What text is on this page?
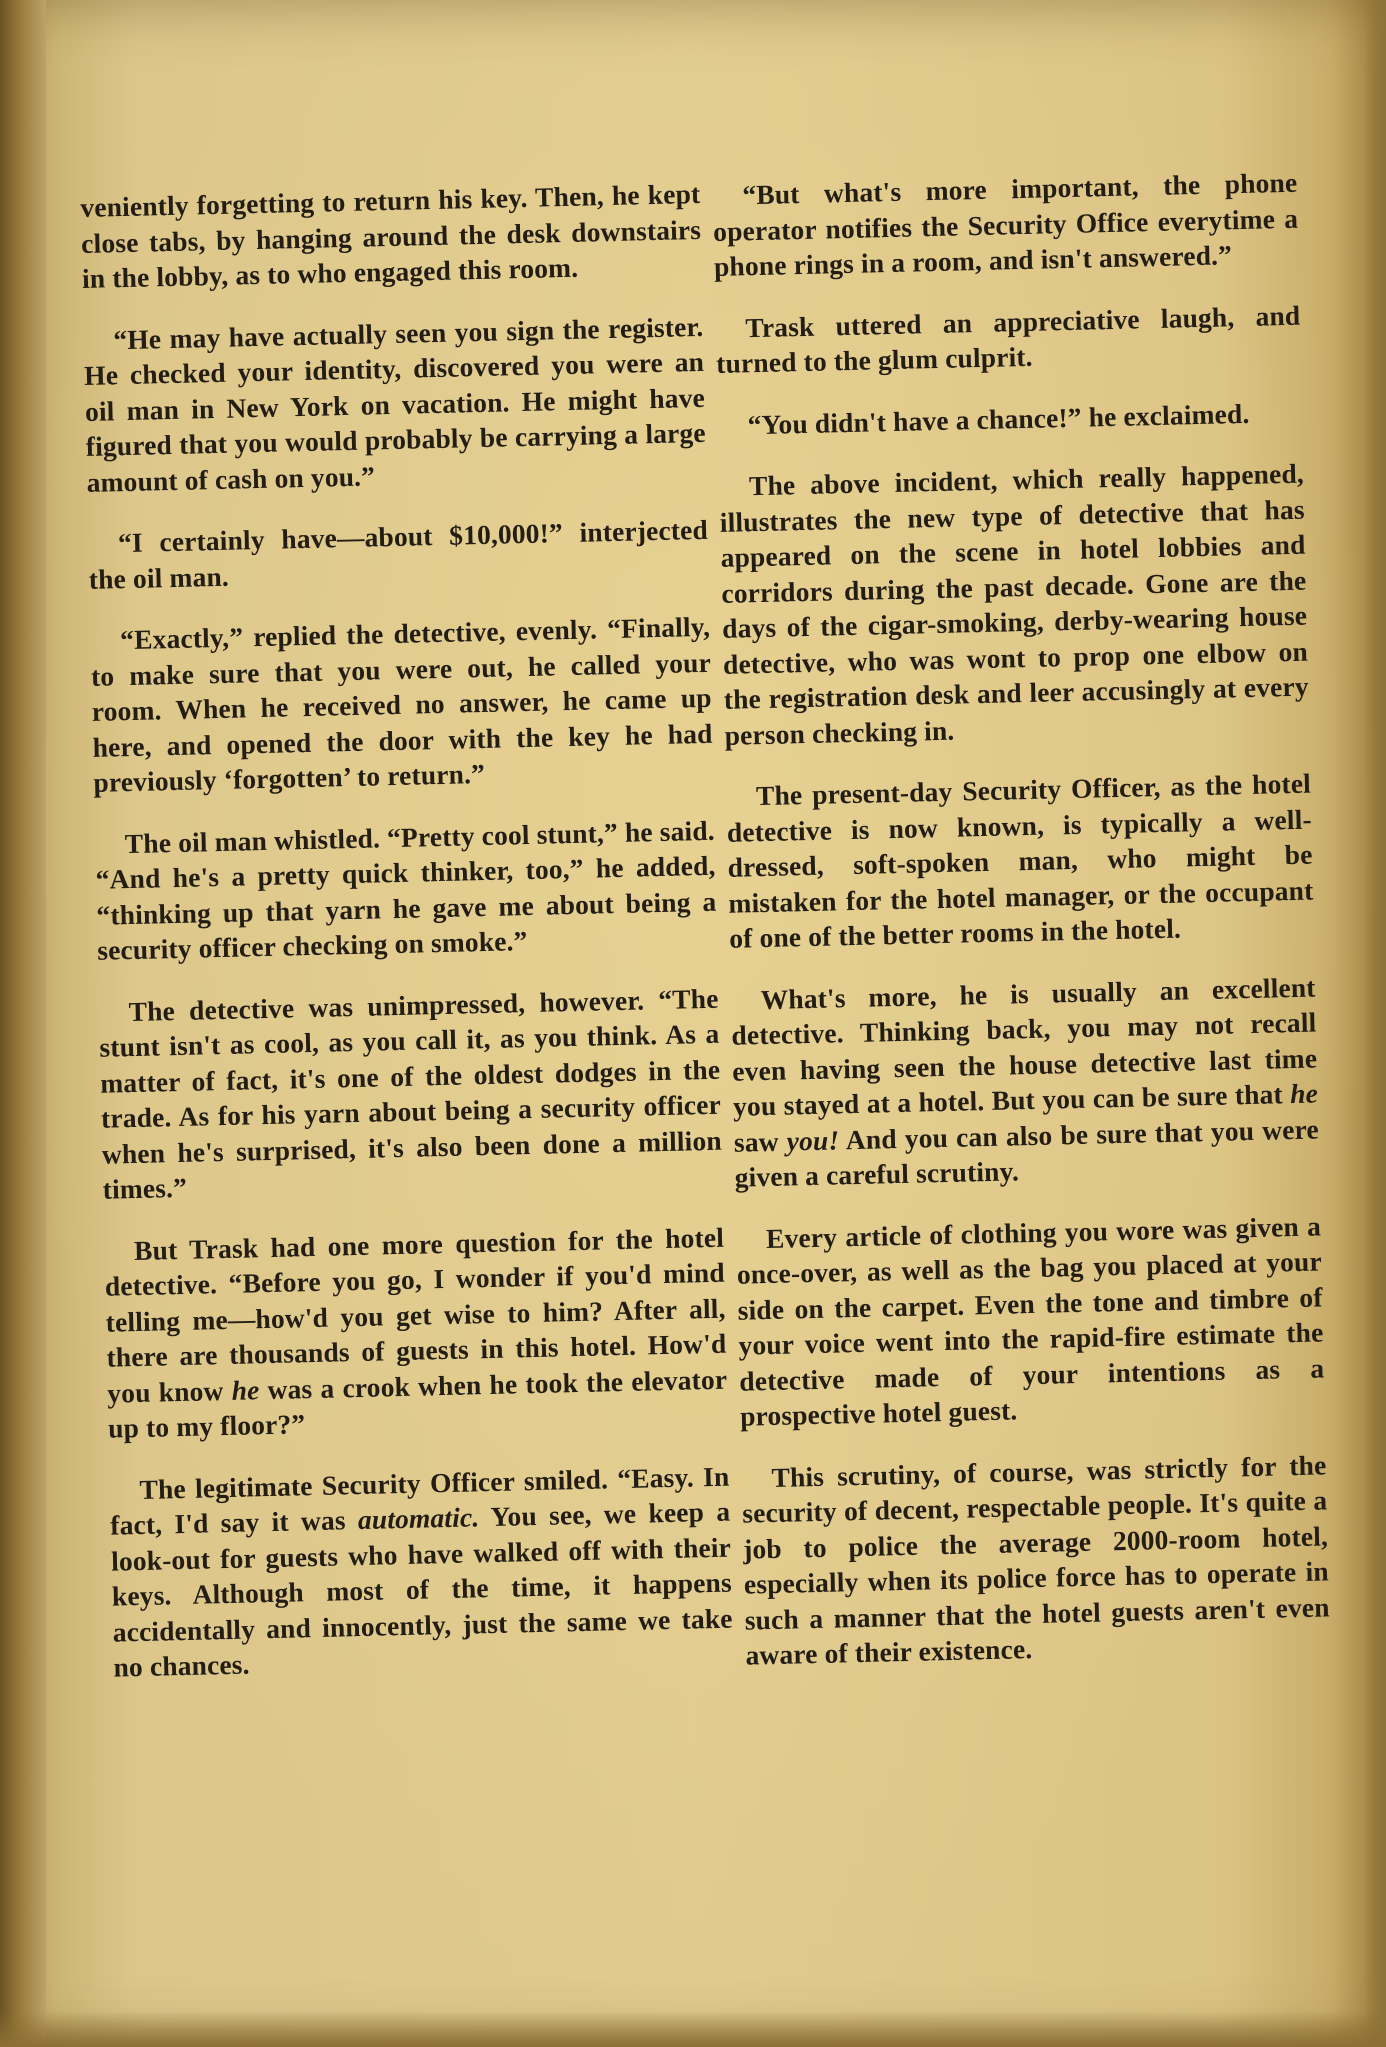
veniently forgetting to return his key. Then, he kept close tabs, by hanging around the desk downstairs in the lobby, as to who engaged this room.

“He may have actually seen you sign the register. He checked your identity, discovered you were an oil man in New York on vacation. He might have figured that you would probably be carrying a large amount of cash on you.”

“I certainly have—about $10,000!” interjected the oil man.

“Exactly,” replied the detective, evenly. “Finally, to make sure that you were out, he called your room. When he received no answer, he came up here, and opened the door with the key he had previously ‘forgotten’ to return.”

The oil man whistled. “Pretty cool stunt,” he said. “And he's a pretty quick thinker, too,” he added, “thinking up that yarn he gave me about being a security officer checking on smoke.”

The detective was unimpressed, however. “The stunt isn't as cool, as you call it, as you think. As a matter of fact, it's one of the oldest dodges in the trade. As for his yarn about being a security officer when he's surprised, it's also been done a million times.”

But Trask had one more question for the hotel detective. “Before you go, I wonder if you'd mind telling me—how'd you get wise to him? After all, there are thousands of guests in this hotel. How'd you know he was a crook when he took the elevator up to my floor?”

The legitimate Security Officer smiled. “Easy. In fact, I'd say it was automatic. You see, we keep a look-out for guests who have walked off with their keys. Although most of the time, it happens accidentally and innocently, just the same we take no chances.

“But what's more important, the phone operator notifies the Security Office everytime a phone rings in a room, and isn't answered.”

Trask uttered an appreciative laugh, and turned to the glum culprit.

“You didn't have a chance!” he exclaimed.

The above incident, which really happened, illustrates the new type of detective that has appeared on the scene in hotel lobbies and corridors during the past decade. Gone are the days of the cigar-smoking, derby-wearing house detective, who was wont to prop one elbow on the registration desk and leer accusingly at every person checking in.

The present-day Security Officer, as the hotel detective is now known, is typically a well-dressed, soft-spoken man, who might be mistaken for the hotel manager, or the occupant of one of the better rooms in the hotel.

What's more, he is usually an excellent detective. Thinking back, you may not recall even having seen the house detective last time you stayed at a hotel. But you can be sure that he saw you! And you can also be sure that you were given a careful scrutiny.

Every article of clothing you wore was given a once-over, as well as the bag you placed at your side on the carpet. Even the tone and timbre of your voice went into the rapid-fire estimate the detective made of your intentions as a prospective hotel guest.

This scrutiny, of course, was strictly for the security of decent, respectable people. It's quite a job to police the average 2000-room hotel, especially when its police force has to operate in such a manner that the hotel guests aren't even aware of their existence.
